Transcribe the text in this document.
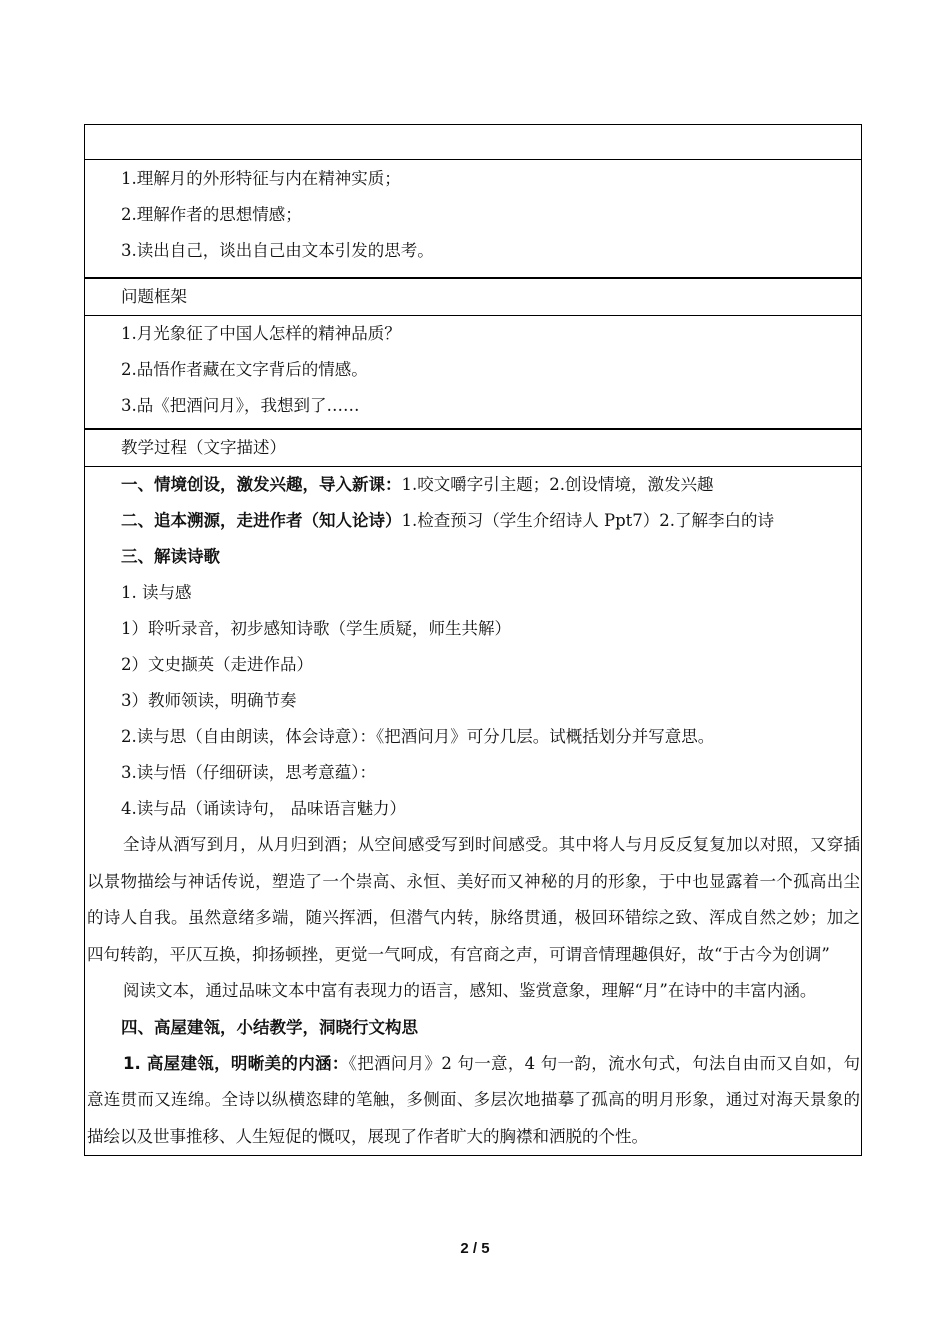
1.理解月的外形特征与内在精神实质；
2.理解作者的思想情感；
3.读出自己，谈出自己由文本引发的思考。
问题框架
1.月光象征了中国人怎样的精神品质？
2.品悟作者藏在文字背后的情感。
3.品《把酒问月》，我想到了……
教学过程（文字描述）
一、情境创设，激发兴趣，导入新课：1.咬文嚼字引主题；2.创设情境，激发兴趣
二、追本溯源，走进作者（知人论诗）1.检查预习（学生介绍诗人 Ppt7）2.了解李白的诗
三、解读诗歌
1. 读与感
1）聆听录音，初步感知诗歌（学生质疑，师生共解）
2）文史撷英（走进作品）
3）教师领读，明确节奏
2.读与思（自由朗读，体会诗意）：《把酒问月》可分几层。试概括划分并写意思。
3.读与悟（仔细研读，思考意蕴）：
4.读与品（诵读诗句， 品味语言魅力）

全诗从酒写到月，从月归到酒；从空间感受写到时间感受。其中将人与月反反复复加以对照，又穿插以景物描绘与神话传说，塑造了一个崇高、永恒、美好而又神秘的月的形象，于中也显露着一个孤高出尘的诗人自我。虽然意绪多端，随兴挥洒，但潜气内转，脉络贯通，极回环错综之致、浑成自然之妙；加之四句转韵，平仄互换，抑扬顿挫，更觉一气呵成，有宫商之声，可谓音情理趣俱好，故“于古今为创调”

阅读文本，通过品味文本中富有表现力的语言，感知、鉴赏意象，理解“月”在诗中的丰富内涵。

四、高屋建瓴，小结教学，洞晓行文构思

1. 高屋建瓴，明晰美的内涵：《把酒问月》2 句一意，4 句一韵，流水句式，句法自由而又自如，句意连贯而又连绵。全诗以纵横恣肆的笔触，多侧面、多层次地描摹了孤高的明月形象，通过对海天景象的描绘以及世事推移、人生短促的慨叹，展现了作者旷大的胸襟和洒脱的个性。

2 / 5
